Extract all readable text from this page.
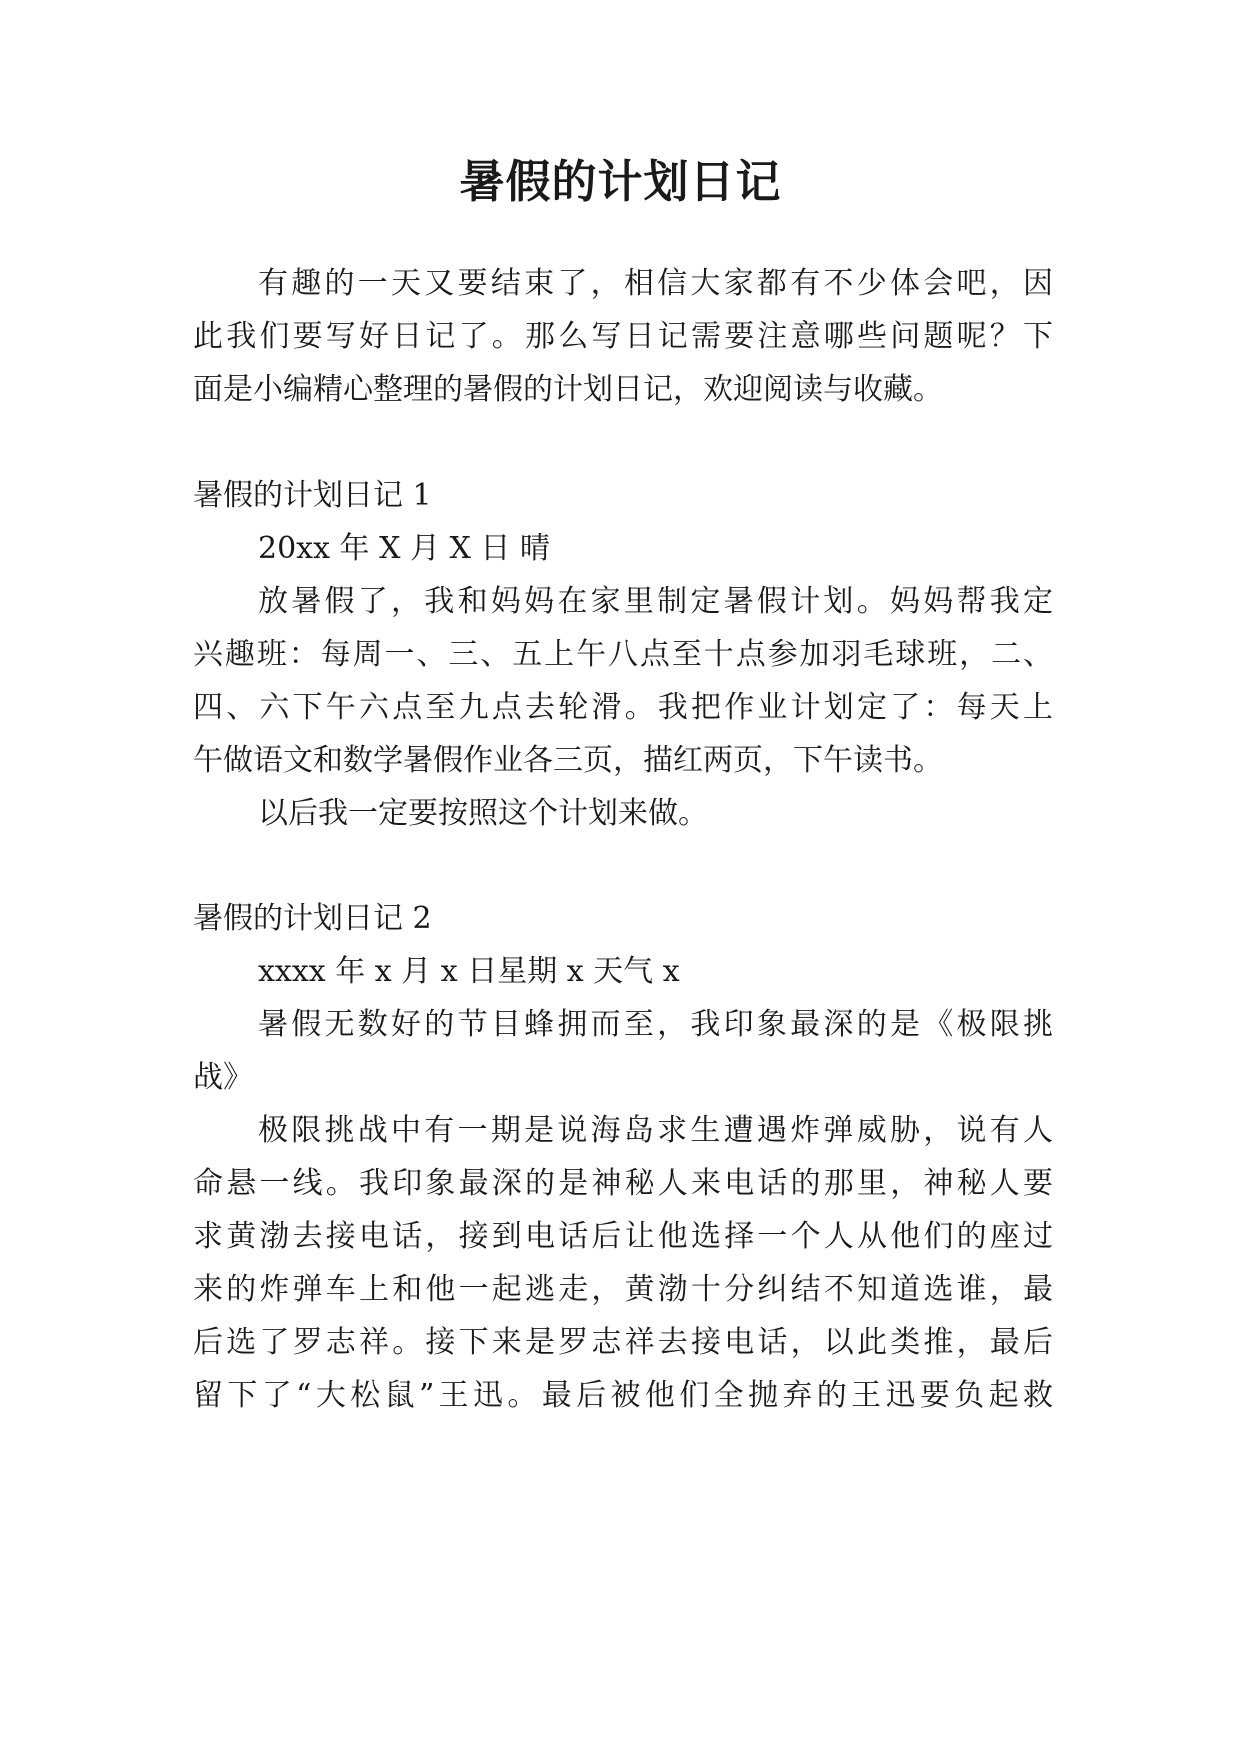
暑假的计划日记

有趣的一天又要结束了，相信大家都有不少体会吧，因

此我们要写好日记了。那么写日记需要注意哪些问题呢？下

面是小编精心整理的暑假的计划日记，欢迎阅读与收藏。

暑假的计划日记 1

20xx 年 X 月 X 日 晴

放暑假了，我和妈妈在家里制定暑假计划。妈妈帮我定

兴趣班：每周一、三、五上午八点至十点参加羽毛球班，二、

四、六下午六点至九点去轮滑。我把作业计划定了：每天上

午做语文和数学暑假作业各三页，描红两页，下午读书。

以后我一定要按照这个计划来做。

暑假的计划日记 2

xxxx 年 x 月 x 日星期 x 天气 x

暑假无数好的节目蜂拥而至，我印象最深的是《极限挑

战》

极限挑战中有一期是说海岛求生遭遇炸弹威胁，说有人

命悬一线。我印象最深的是神秘人来电话的那里，神秘人要

求黄渤去接电话，接到电话后让他选择一个人从他们的座过

来的炸弹车上和他一起逃走，黄渤十分纠结不知道选谁，最

后选了罗志祥。接下来是罗志祥去接电话，以此类推，最后

留下了“大松鼠”王迅。最后被他们全抛弃的王迅要负起救
